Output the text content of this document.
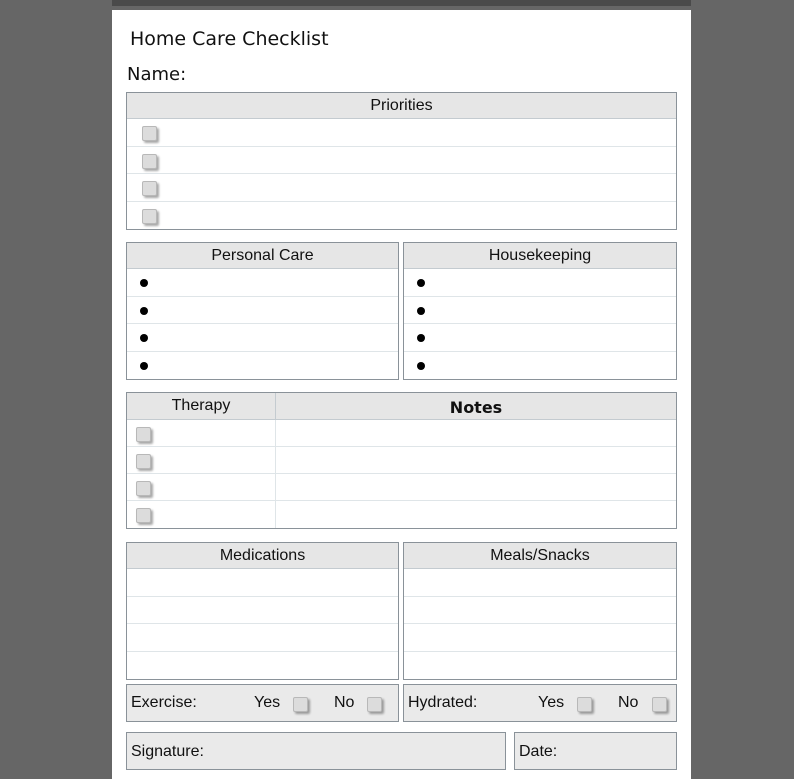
Home Care Checklist
Name:
Priorities
Personal Care	Housekeeping
Therapy	Notes
Medications	Meals/Snacks
Exercise:	Yes	No	Hydrated:	Yes	No
Signature:	Date:
